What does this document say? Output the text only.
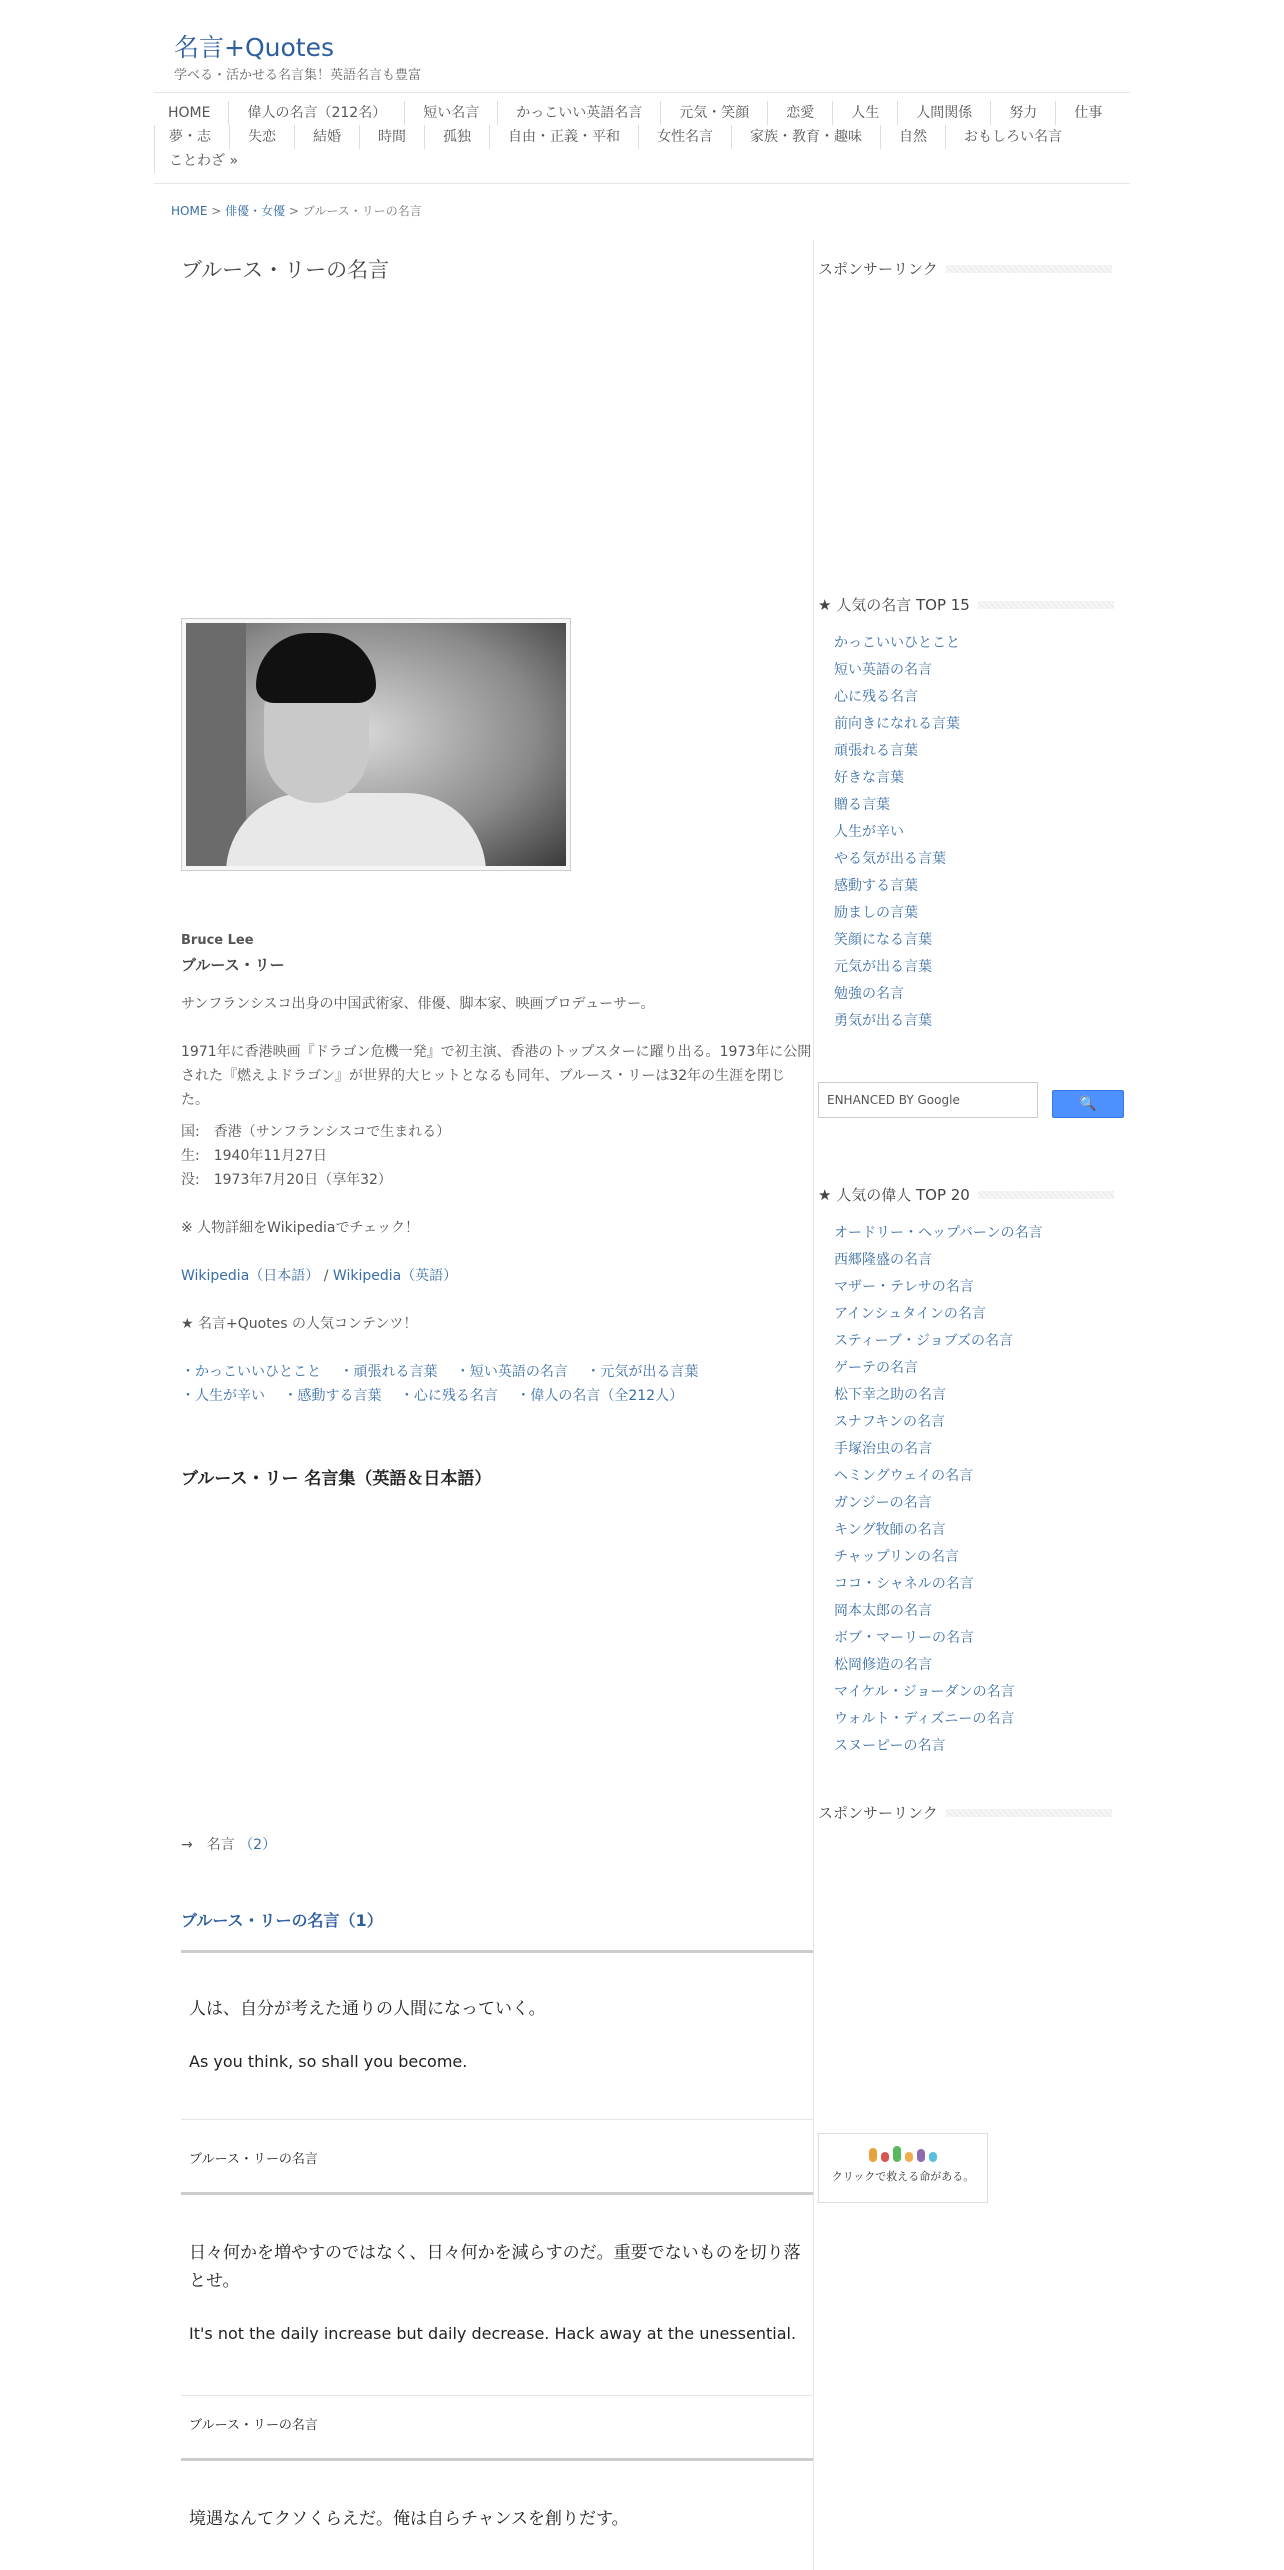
名言+Quotes
学べる・活かせる名言集！英語名言も豊富
HOME	偉人の名言（212名）	短い名言	かっこいい英語名言	元気・笑顔	恋愛	人生	人間関係	努力	仕事
夢・志	失恋	結婚	時間	孤独	自由・正義・平和	女性名言	家族・教育・趣味	自然	おもしろい名言
ことわざ »
HOME > 俳優・女優 > ブルース・リーの名言
ブルース・リーの名言
Bruce Lee
ブルース・リー
サンフランシスコ出身の中国武術家、俳優、脚本家、映画プロデューサー。
1971年に香港映画『ドラゴン危機一発』で初主演、香港のトップスターに躍り出る。1973年に公開された『燃えよドラゴン』が世界的大ヒットとなるも同年、ブルース・リーは32年の生涯を閉じた。
国:　香港（サンフランシスコで生まれる）
生:　1940年11月27日
没:　1973年7月20日（享年32）
※ 人物詳細をWikipediaでチェック！
Wikipedia（日本語） / Wikipedia（英語）
★ 名言+Quotes の人気コンテンツ！
・かっこいいひとこと ・頑張れる言葉 ・短い英語の名言 ・元気が出る言葉 ・人生が辛い ・感動する言葉 ・心に残る名言 ・偉人の名言（全212人）
ブルース・リー 名言集（英語＆日本語）
→　名言 （2）
ブルース・リーの名言（1）
人は、自分が考えた通りの人間になっていく。
As you think, so shall you become.
ブルース・リーの名言
日々何かを増やすのではなく、日々何かを減らすのだ。重要でないものを切り落とせ。
It's not the daily increase but daily decrease. Hack away at the unessential.
ブルース・リーの名言
境遇なんてクソくらえだ。俺は自らチャンスを創りだす。
スポンサーリンク
★ 人気の名言 TOP 15
かっこいいひとこと
短い英語の名言
心に残る名言
前向きになれる言葉
頑張れる言葉
好きな言葉
贈る言葉
人生が辛い
やる気が出る言葉
感動する言葉
励ましの言葉
笑顔になる言葉
元気が出る言葉
勉強の名言
勇気が出る言葉
ENHANCED BY Google	🔍
★ 人気の偉人 TOP 20
オードリー・ヘップバーンの名言
西郷隆盛の名言
マザー・テレサの名言
アインシュタインの名言
スティーブ・ジョブズの名言
ゲーテの名言
松下幸之助の名言
スナフキンの名言
手塚治虫の名言
ヘミングウェイの名言
ガンジーの名言
キング牧師の名言
チャップリンの名言
ココ・シャネルの名言
岡本太郎の名言
ボブ・マーリーの名言
松岡修造の名言
マイケル・ジョーダンの名言
ウォルト・ディズニーの名言
スヌーピーの名言
スポンサーリンク
クリックで救える命がある。
